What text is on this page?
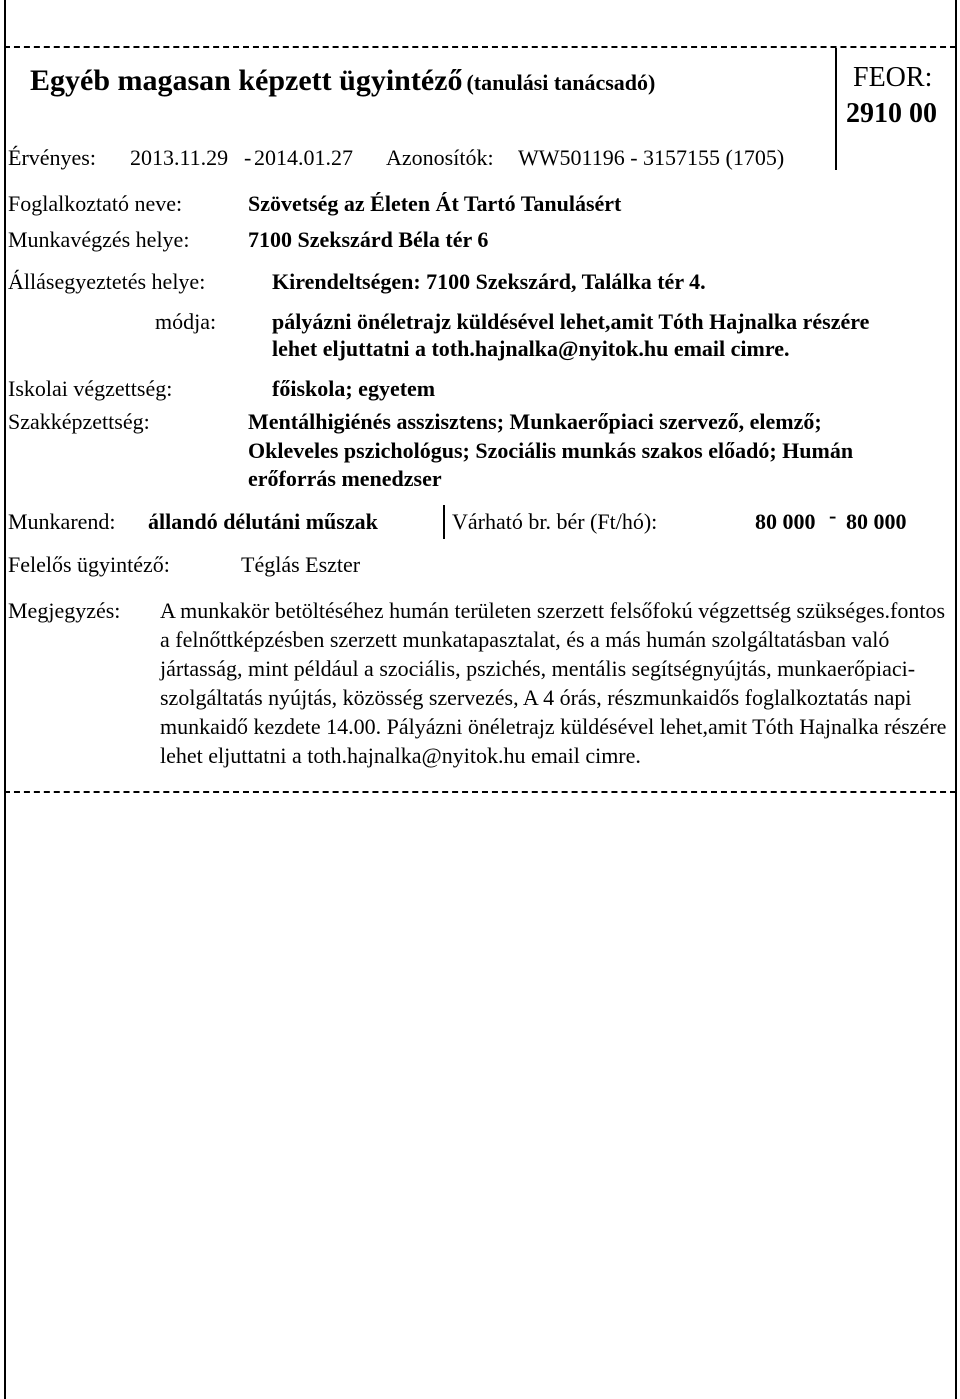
Egyéb magasan képzett ügyintéző (tanulási tanácsadó)	FEOR:
2910 00
Érvényes: 2013.11.29 - 2014.01.27 Azonosítók: WW501196 - 3157155 (1705)
Foglalkoztató neve:	Szövetség az Életen Át Tartó Tanulásért
Munkavégzés helye:	7100 Szekszárd Béla tér 6
Állásegyeztetés helye:	Kirendeltségen: 7100 Szekszárd, Találka tér 4.
módja:	pályázni önéletrajz küldésével lehet,amit Tóth Hajnalka részére
lehet eljuttatni a toth.hajnalka@nyitok.hu email cimre.
Iskolai végzettség:	főiskola; egyetem
Szakképzettség:	Mentálhigiénés asszisztens; Munkaerőpiaci szervező, elemző;
Okleveles pszichológus; Szociális munkás szakos előadó; Humán
erőforrás menedzser
Munkarend: állandó délutáni műszak	Várható br. bér (Ft/hó):	80 000 - 80 000
Felelős ügyintéző:	Téglás Eszter
Megjegyzés: A munkakör betöltéséhez humán területen szerzett felsőfokú végzettség szükséges.fontos a felnőttképzésben szerzett munkatapasztalat, és a más humán szolgáltatásban való jártasság, mint például a szociális, pszichés, mentális segítségnyújtás, munkaerőpiaci-szolgáltatás nyújtás, közösség szervezés, A 4 órás, részmunkaidős foglalkoztatás napi munkaidő kezdete 14.00. Pályázni önéletrajz küldésével lehet,amit Tóth Hajnalka részére lehet eljuttatni a toth.hajnalka@nyitok.hu email cimre.
